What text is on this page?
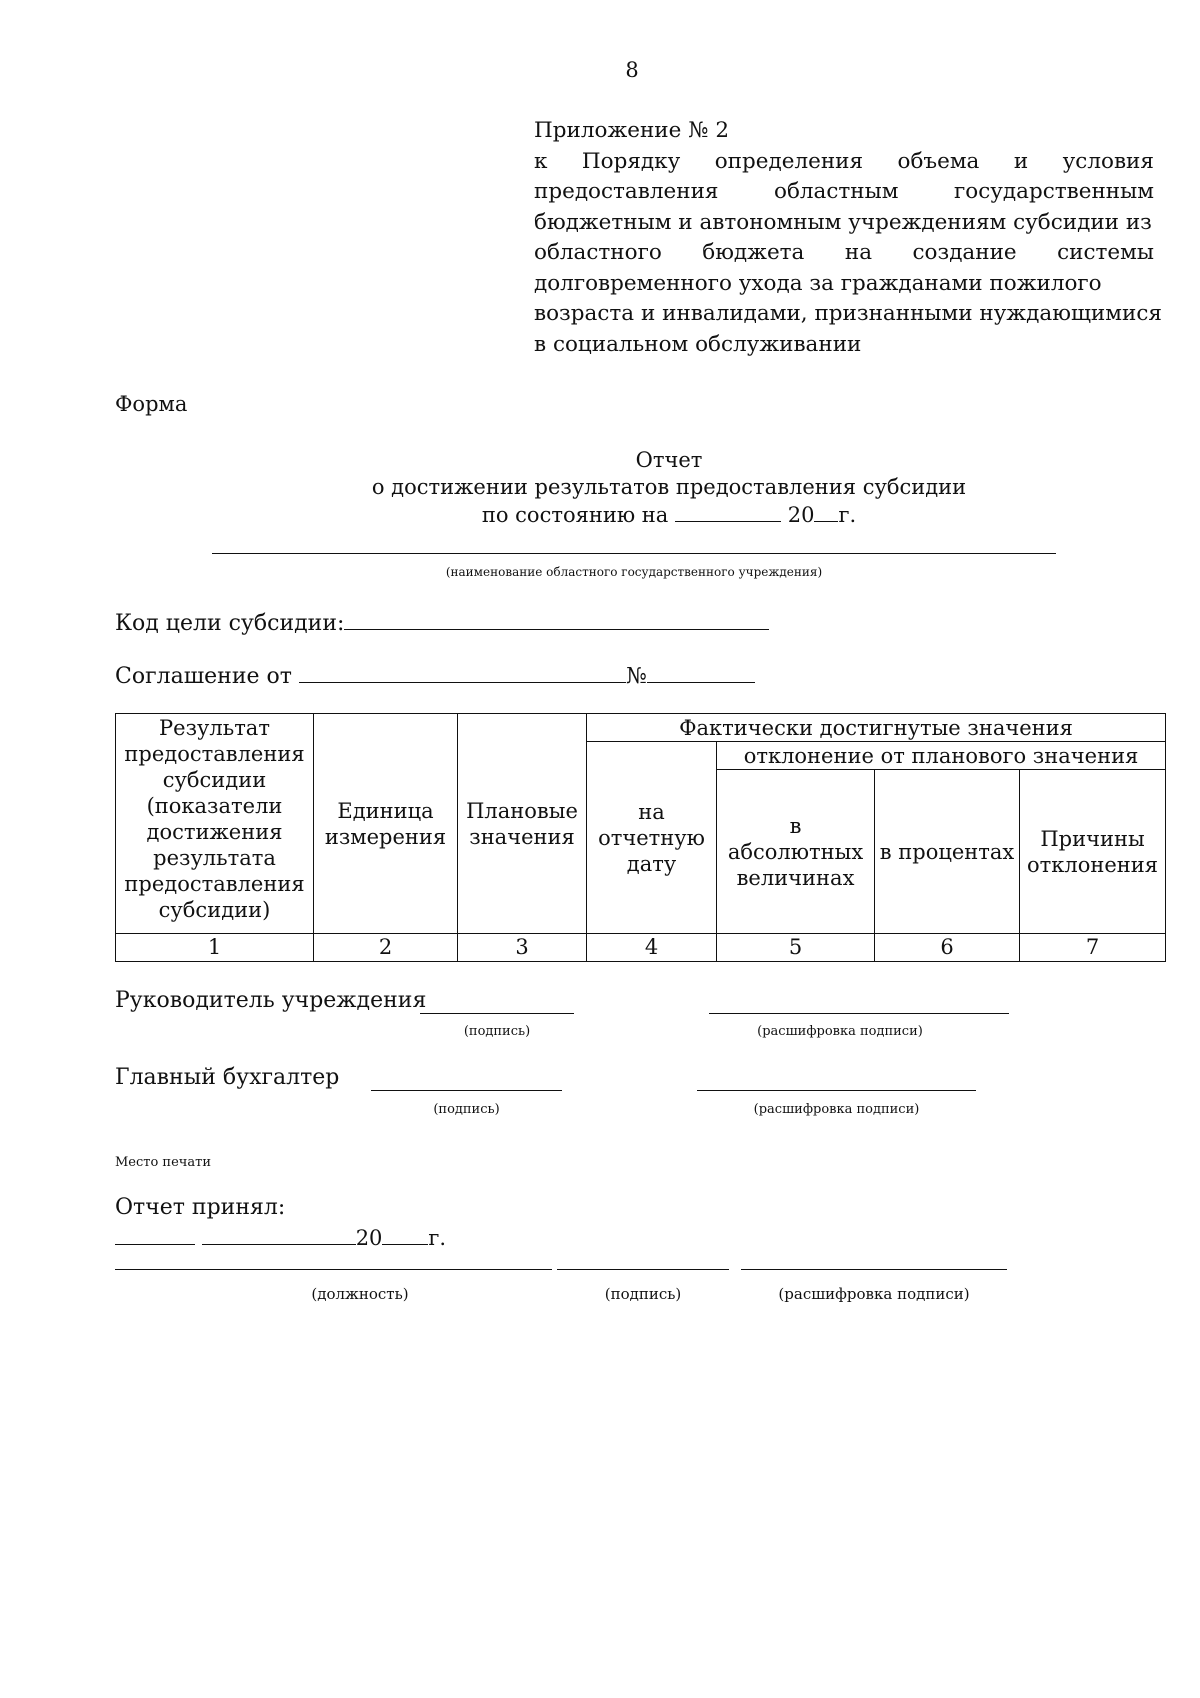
8
Приложение № 2
к Порядку определения объема и условия
предоставления	областным	государственным
бюджетным и автономным учреждениям субсидии из
областного бюджета на создание системы
долговременного ухода за гражданами пожилого
возраста и инвалидами, признанными нуждающимися
в социальном обслуживании
Форма
Отчет
о достижении результатов предоставления субсидии
по состоянию на	20 г.
(наименование областного государственного учреждения)
Код цели субсидии:
Соглашение от	№
Результат предоставления субсидии (показатели достижения результата предоставления субсидии)	Единица измерения	Плановые значения	Фактически достигнутые значения			
			на отчетную дату	отклонение от планового значения		
				в абсолютных величинах	в процентах	Причины отклонения
1	2	3	4	5	6	7
Руководитель учреждения
(подпись)	(расшифровка подписи)
Главный бухгалтер
(подпись)	(расшифровка подписи)
Место печати
Отчет принял:
20 г.
(должность)	(подпись)	(расшифровка подписи)
